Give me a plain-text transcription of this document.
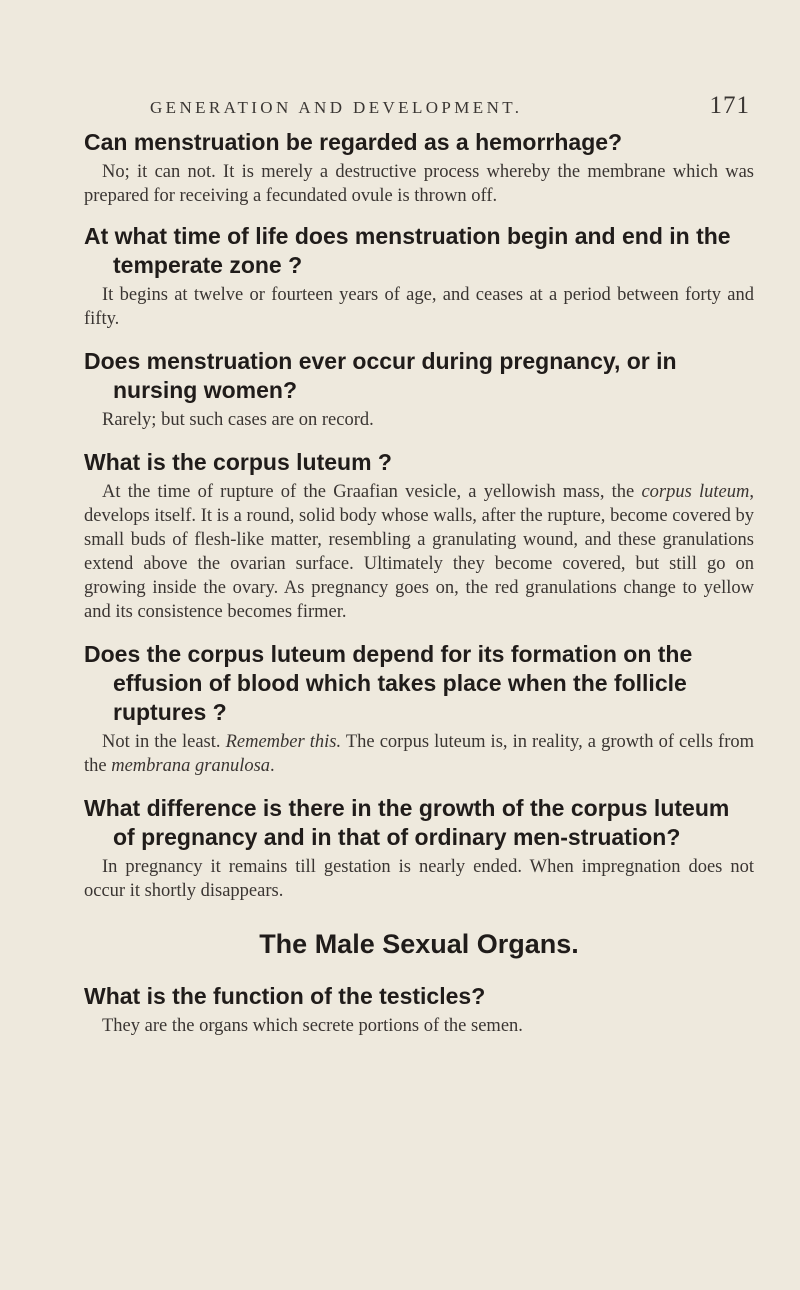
GENERATION AND DEVELOPMENT.	171

Can menstruation be regarded as a hemorrhage?

No; it can not. It is merely a destructive process whereby the membrane which was prepared for receiving a fecundated ovule is thrown off.

At what time of life does menstruation begin and end in the temperate zone ?

It begins at twelve or fourteen years of age, and ceases at a period between forty and fifty.

Does menstruation ever occur during pregnancy, or in nursing women?

Rarely; but such cases are on record.

What is the corpus luteum ?

At the time of rupture of the Graafian vesicle, a yellowish mass, the corpus luteum, develops itself. It is a round, solid body whose walls, after the rupture, become covered by small buds of flesh-like matter, resembling a granulating wound, and these granulations extend above the ovarian surface. Ultimately they become covered, but still go on growing inside the ovary. As pregnancy goes on, the red granulations change to yellow and its consistence becomes firmer.

Does the corpus luteum depend for its formation on the effusion of blood which takes place when the follicle ruptures ?

Not in the least. Remember this. The corpus luteum is, in reality, a growth of cells from the membrana granulosa.

What difference is there in the growth of the corpus luteum of pregnancy and in that of ordinary men-struation?

In pregnancy it remains till gestation is nearly ended. When impregnation does not occur it shortly disappears.

The Male Sexual Organs.

What is the function of the testicles?

They are the organs which secrete portions of the semen.
